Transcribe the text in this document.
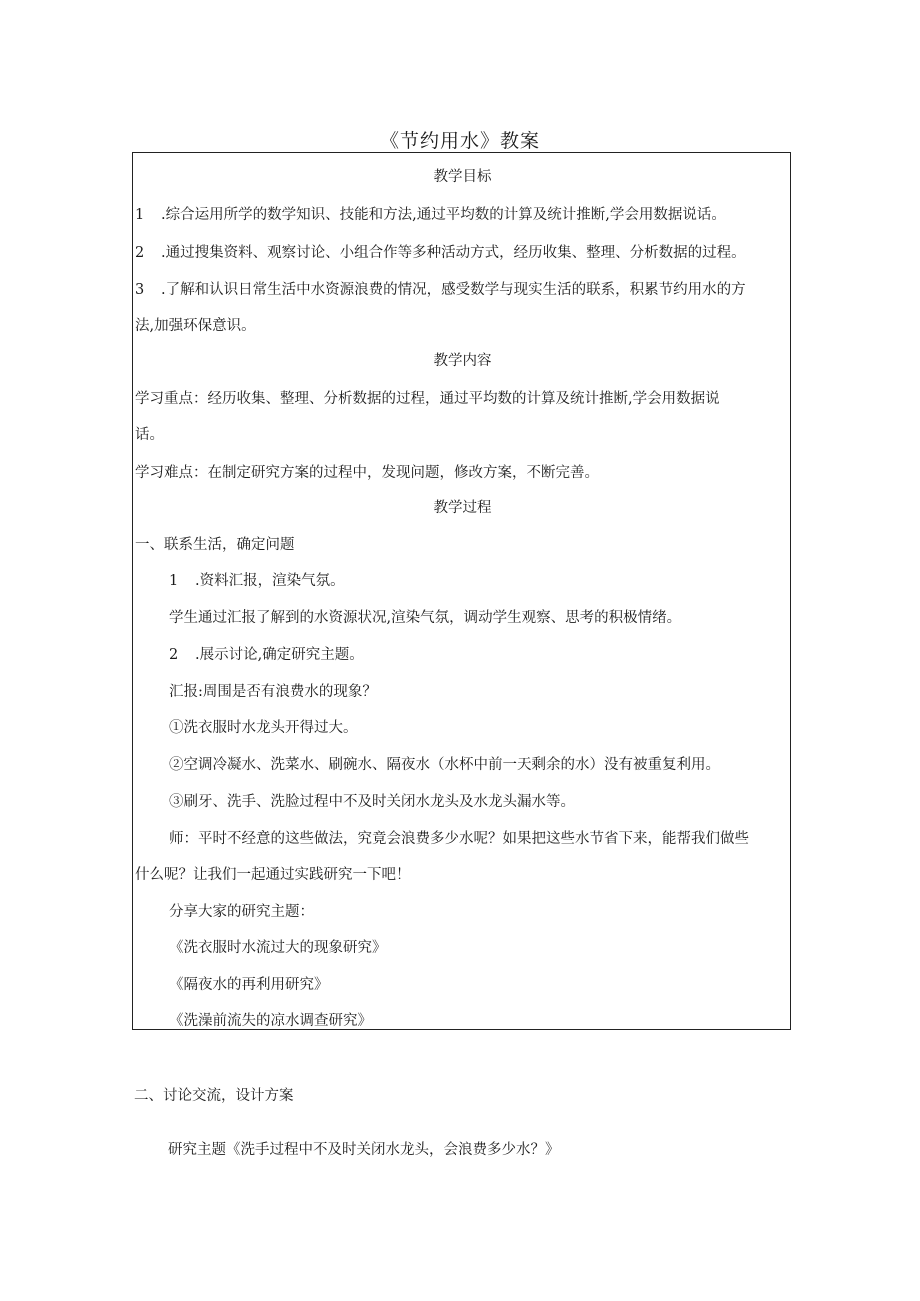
《节约用水》教案
教学目标
1 .综合运用所学的数学知识、技能和方法,通过平均数的计算及统计推断,学会用数据说话。
2 .通过搜集资料、观察讨论、小组合作等多种活动方式，经历收集、整理、分析数据的过程。
3 .了解和认识日常生活中水资源浪费的情况，感受数学与现实生活的联系，积累节约用水的方
法,加强环保意识。
教学内容
学习重点：经历收集、整理、分析数据的过程，通过平均数的计算及统计推断,学会用数据说
话。
学习难点：在制定研究方案的过程中，发现问题，修改方案，不断完善。
教学过程
一、联系生活，确定问题
1 .资料汇报，渲染气氛。
学生通过汇报了解到的水资源状况,渲染气氛，调动学生观察、思考的积极情绪。
2 .展示讨论,确定研究主题。
汇报:周围是否有浪费水的现象？
①洗衣服时水龙头开得过大。
②空调冷凝水、洗菜水、刷碗水、隔夜水（水杯中前一天剩余的水）没有被重复利用。
③刷牙、洗手、洗脸过程中不及时关闭水龙头及水龙头漏水等。
师：平时不经意的这些做法，究竟会浪费多少水呢？如果把这些水节省下来，能帮我们做些
什么呢？让我们一起通过实践研究一下吧！
分享大家的研究主题：
《洗衣服时水流过大的现象研究》
《隔夜水的再利用研究》
《洗澡前流失的凉水调查研究》
二、讨论交流，设计方案
研究主题《洗手过程中不及时关闭水龙头，会浪费多少水？》
